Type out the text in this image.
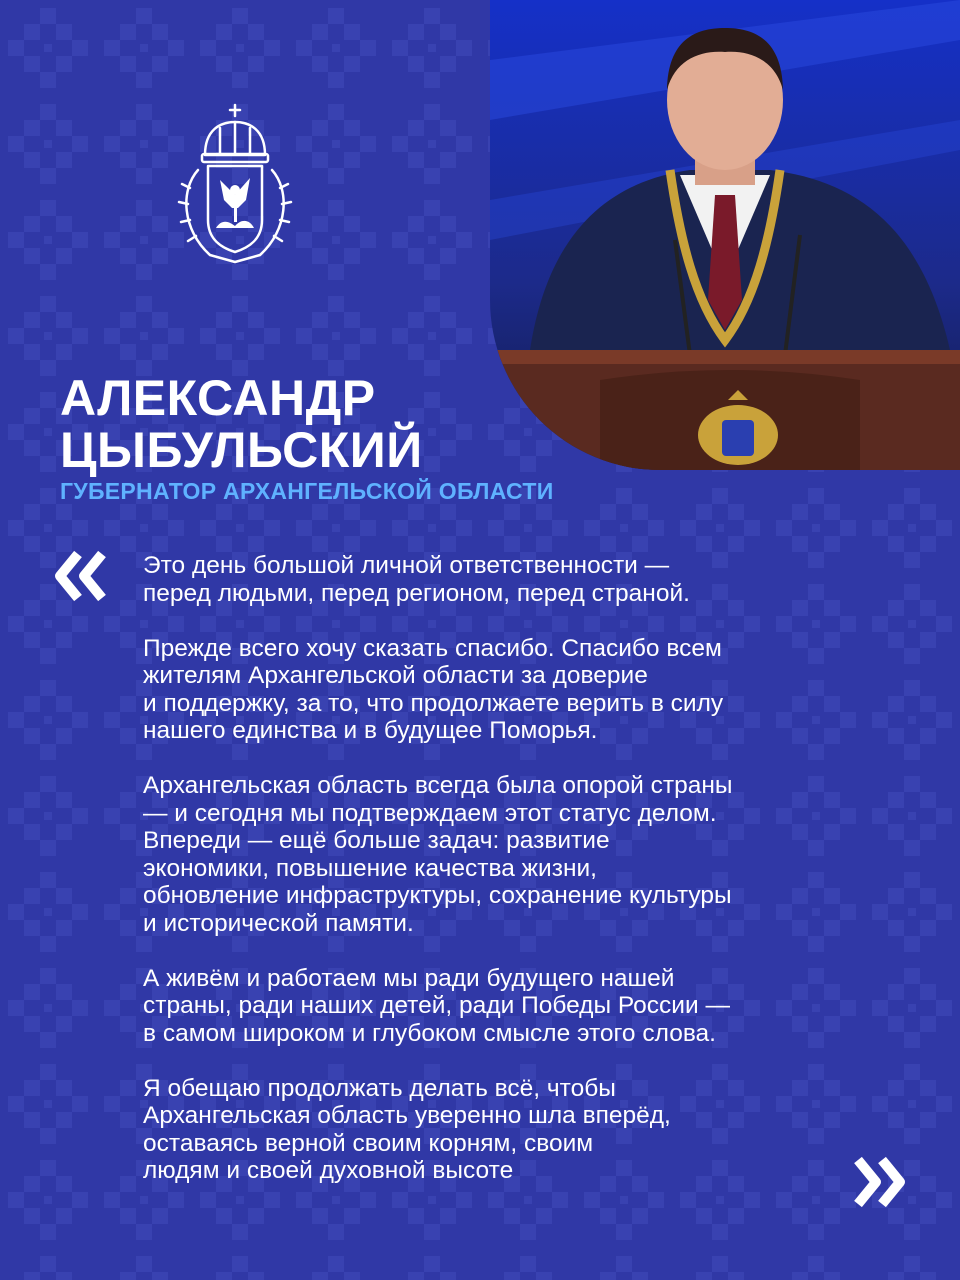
АЛЕКСАНДР
ЦЫБУЛЬСКИЙ

ГУБЕРНАТОР АРХАНГЕЛЬСКОЙ ОБЛАСТИ

Это день большой личной ответственности —
перед людьми, перед регионом, перед страной.

Прежде всего хочу сказать спасибо. Спасибо всем
жителям Архангельской области за доверие
и поддержку, за то, что продолжаете верить в силу
нашего единства и в будущее Поморья.

Архангельская область всегда была опорой страны
— и сегодня мы подтверждаем этот статус делом.
Впереди — ещё больше задач: развитие
экономики, повышение качества жизни,
обновление инфраструктуры, сохранение культуры
и исторической памяти.

А живём и работаем мы ради будущего нашей
страны, ради наших детей, ради Победы России —
в самом широком и глубоком смысле этого слова.

Я обещаю продолжать делать всё, чтобы
Архангельская область уверенно шла вперёд,
оставаясь верной своим корням, своим
людям и своей духовной высоте
